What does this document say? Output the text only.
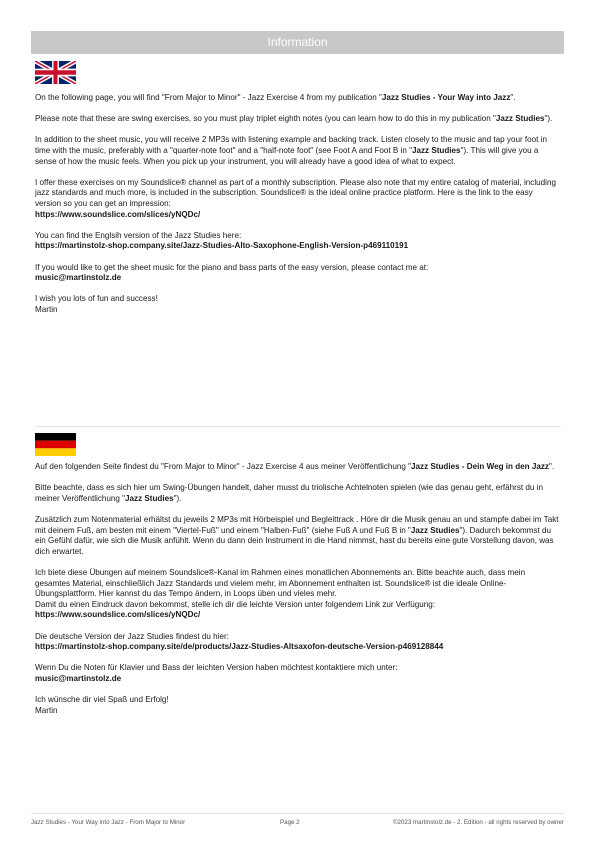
Information

On the following page, you will find "From Major to Minor" - Jazz Exercise 4 from my publication "Jazz Studies - Your Way into Jazz".

Please note that these are swing exercises, so you must play triplet eighth notes (you can learn how to do this in my publication "Jazz Studies").

In addition to the sheet music, you will receive 2 MP3s with listening example and backing track. Listen closely to the music and tap your foot in time with the music, preferably with a "quarter-note foot" and a "half-note foot" (see Foot A and Foot B in "Jazz Studies"). This will give you a sense of how the music feels. When you pick up your instrument, you will already have a good idea of what to expect.

I offer these exercises on my Soundslice® channel as part of a monthly subscription. Please also note that my entire catalog of material, including jazz standards and much more, is included in the subscription. Soundslice® is the ideal online practice platform. Here is the link to the easy version so you can get an impression:
https://www.soundslice.com/slices/yNQDc/

You can find the Englsih version of the Jazz Studies here:
https://martinstolz-shop.company.site/Jazz-Studies-Alto-Saxophone-English-Version-p469110191

If you would like to get the sheet music for the piano and bass parts of the easy version, please contact me at:
music@martinstolz.de

I wish you lots of fun and success!
Martin

Auf den folgenden Seite findest du "From Major to Minor" - Jazz Exercise 4 aus meiner Veröffentlichung "Jazz Studies - Dein Weg in den Jazz".

Bitte beachte, dass es sich hier um Swing-Übungen handelt, daher musst du triolische Achtelnoten spielen (wie das genau geht, erfährst du in meiner Veröffentlichung "Jazz Studies").

Zusätzlich zum Notenmaterial erhältst du jeweils 2 MP3s mit Hörbeispiel und Begleittrack . Höre dir die Musik genau an und stampfe dabei im Takt mit deinem Fuß, am besten mit einem "Viertel-Fuß" und einem "Halben-Fuß" (siehe Fuß A und Fuß B in "Jazz Studies"). Dadurch bekommst du ein Gefühl dafür, wie sich die Musik anfühlt. Wenn du dann dein Instrument in die Hand nimmst, hast du bereits eine gute Vorstellung davon, was dich erwartet.

Ich biete diese Übungen auf meinem Soundslice®-Kanal im Rahmen eines monatlichen Abonnements an. Bitte beachte auch, dass mein gesamtes Material, einschließlich Jazz Standards und vielem mehr, im Abonnement enthalten ist. Soundslice® ist die ideale Online-Übungsplattform. Hier kannst du das Tempo ändern, in Loops üben und vieles mehr.
Damit du einen Eindruck davon bekommst, stelle ich dir die leichte Version unter folgendem Link zur Verfügung:
https://www.soundslice.com/slices/yNQDc/

Die deutsche Version der Jazz Studies findest du hier:
https://martinstolz-shop.company.site/de/products/Jazz-Studies-Altsaxofon-deutsche-Version-p469128844

Wenn Du die Noten für Klavier und Bass der leichten Version haben möchtest kontaktiere mich unter:
music@martinstolz.de

Ich wünsche dir viel Spaß und Erfolg!
Martin

Jazz Studies - Your Way into Jazz - From Major to Minor	Page 2	©2023 martinstolz.de - 2. Edition - all rights reserved by owner
